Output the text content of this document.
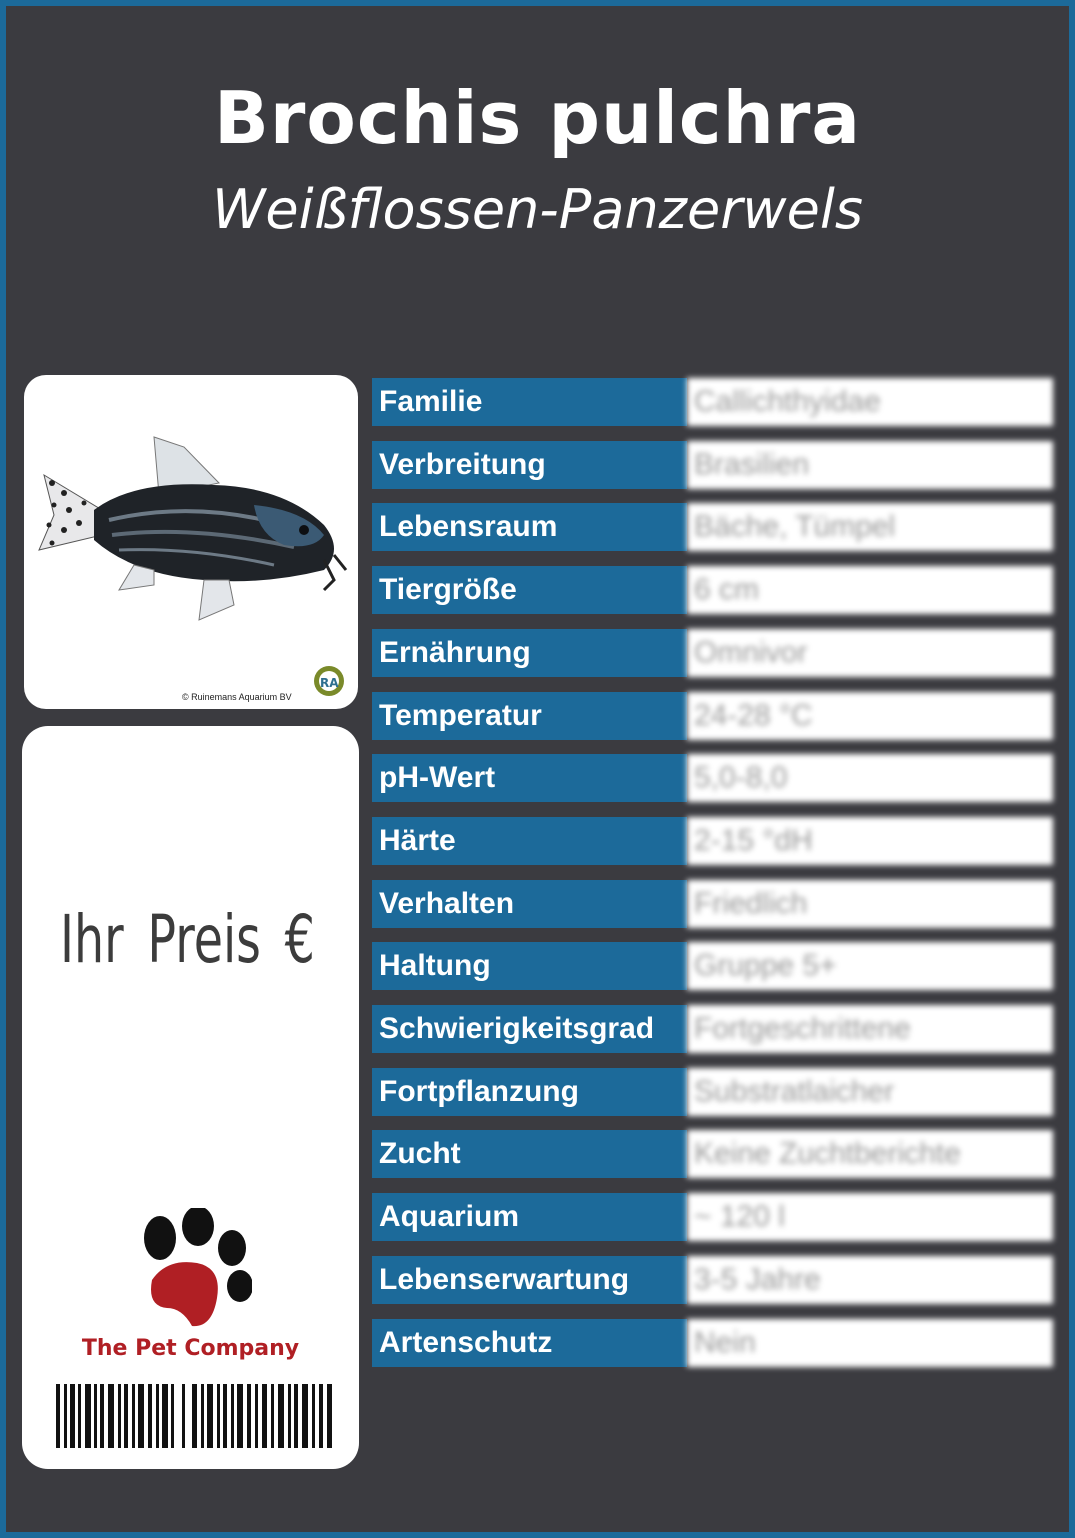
Brochis pulchra
Weißflossen-Panzerwels
RA
© Ruinemans Aquarium BV
Ihr Preis €
The Pet Company
Familie	Callichthyidae
Verbreitung	Brasilien
Lebensraum	Bäche, Tümpel
Tiergröße	6 cm
Ernährung	Omnivor
Temperatur	24-28 °C
pH-Wert	5,0-8,0
Härte	2-15 °dH
Verhalten	Friedlich
Haltung	Gruppe 5+
Schwierigkeitsgrad	Fortgeschrittene
Fortpflanzung	Substratlaicher
Zucht	Keine Zuchtberichte
Aquarium	~ 120 l
Lebenserwartung	3-5 Jahre
Artenschutz	Nein
